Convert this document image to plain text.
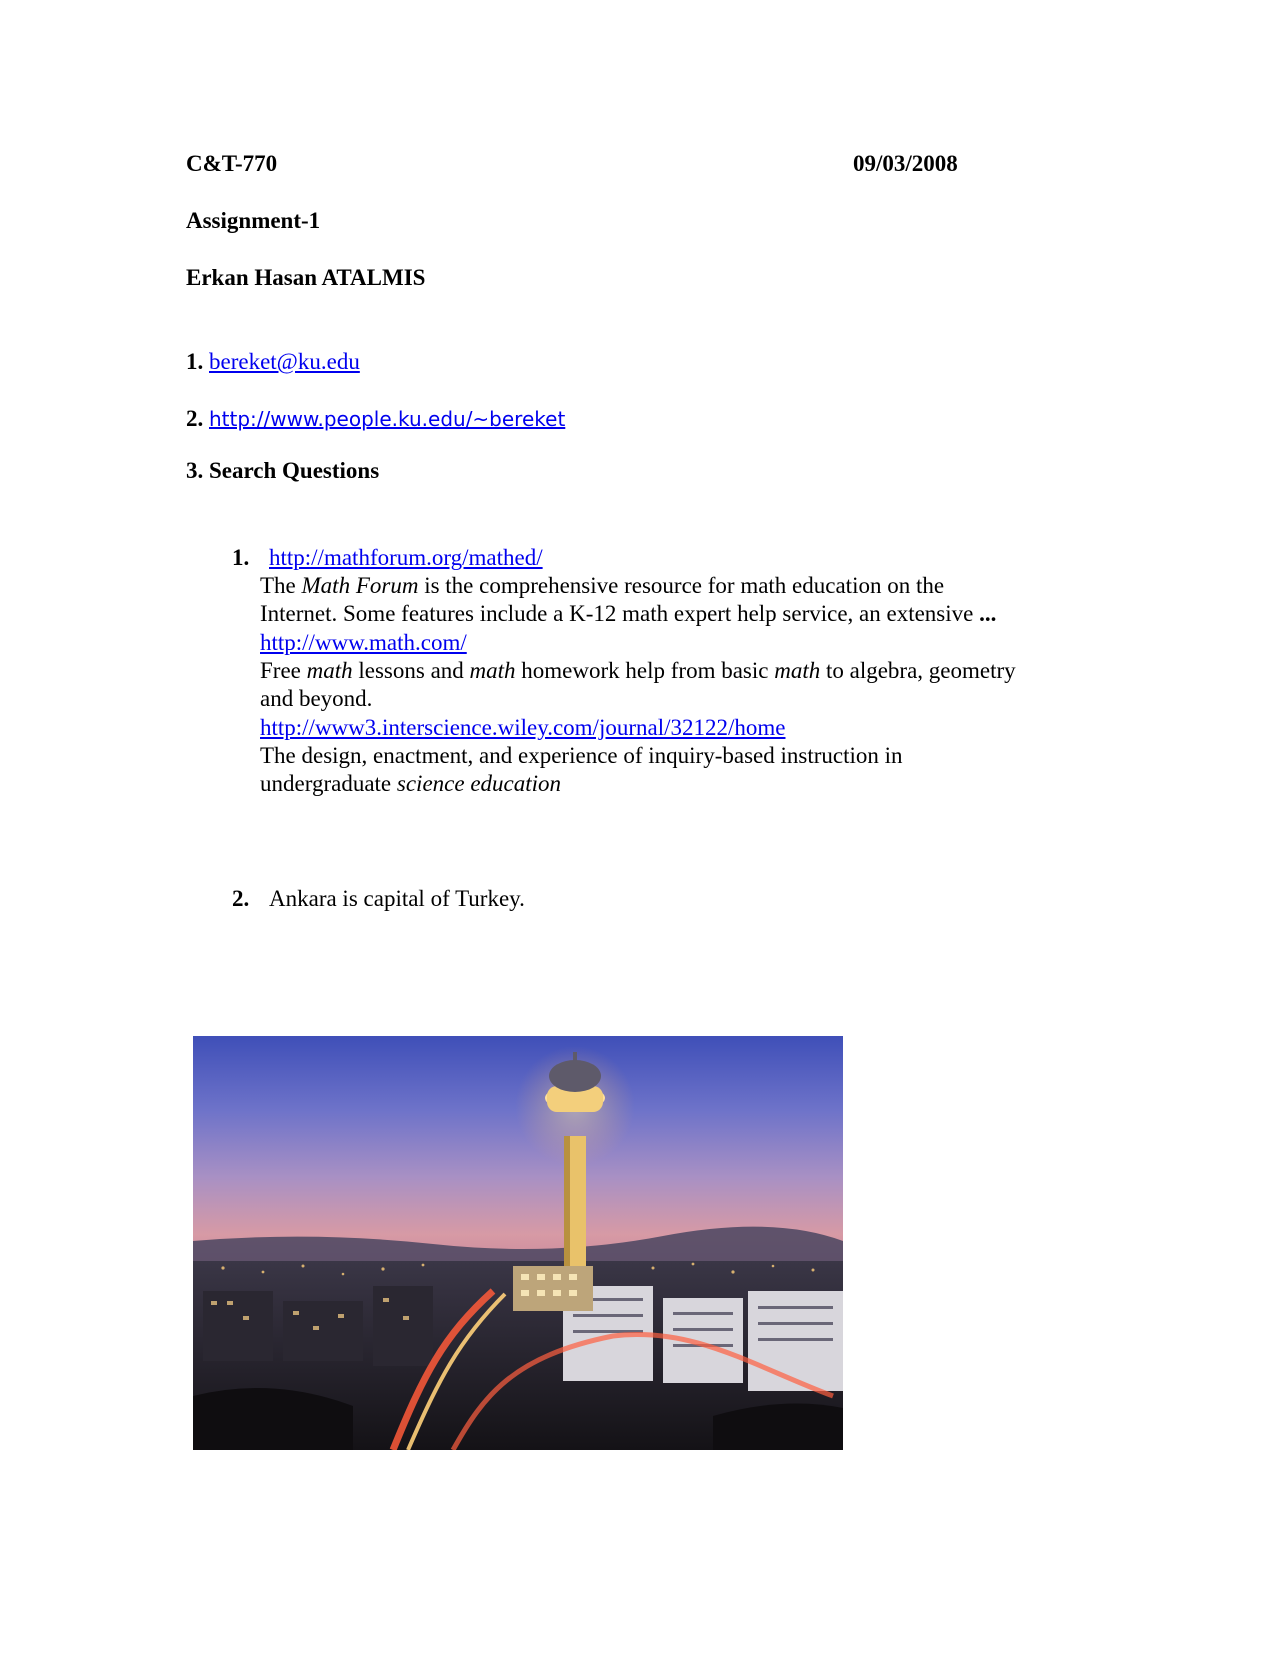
C&T-770	09/03/2008
Assignment-1
Erkan Hasan ATALMIS
1. bereket@ku.edu
2. http://www.people.ku.edu/~bereket
3. Search Questions
1. http://mathforum.org/mathed/
The Math Forum is the comprehensive resource for math education on the
Internet. Some features include a K-12 math expert help service, an extensive ...
http://www.math.com/
Free math lessons and math homework help from basic math to algebra, geometry
and beyond.
http://www3.interscience.wiley.com/journal/32122/home
The design, enactment, and experience of inquiry-based instruction in
undergraduate science education
2. Ankara is capital of Turkey.
